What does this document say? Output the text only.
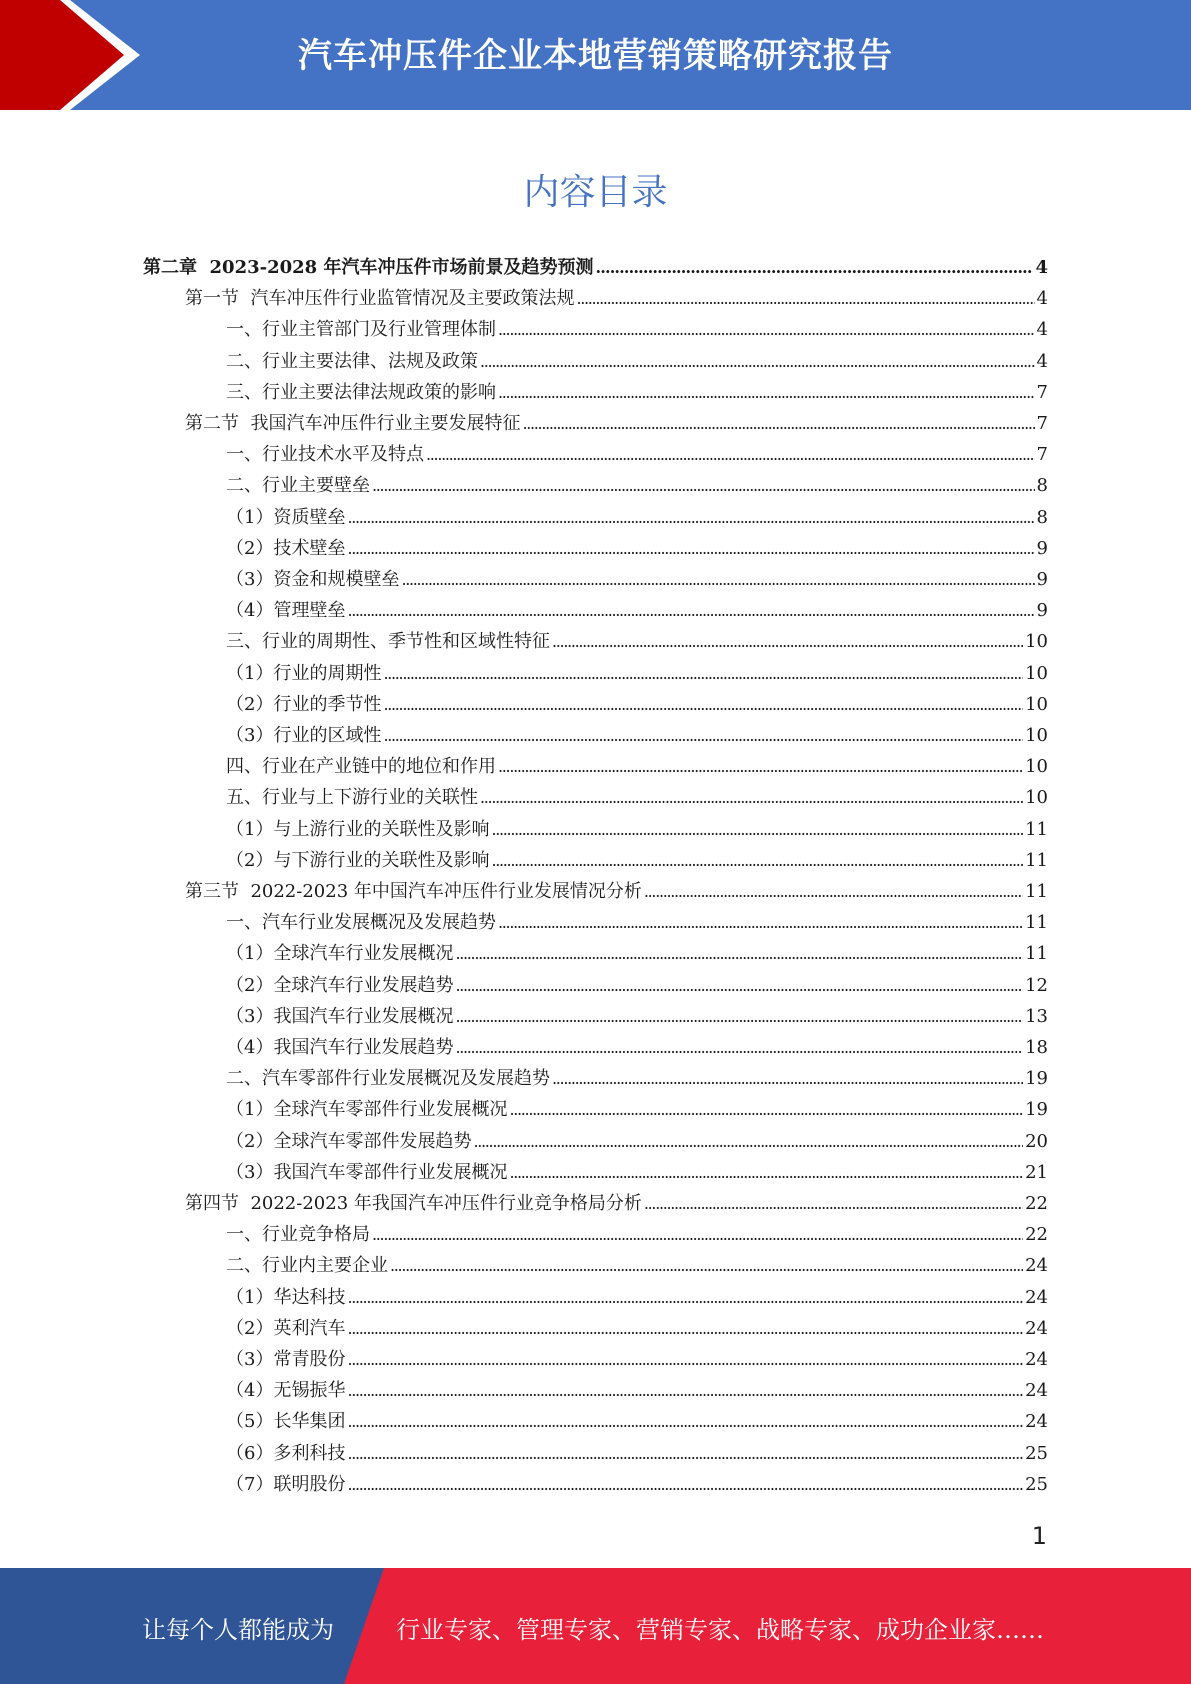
汽车冲压件企业本地营销策略研究报告
内容目录
第二章  2023-2028 年汽车冲压件市场前景及趋势预测 . . .	4
第一节  汽车冲压件行业监管情况及主要政策法规 . . .	4
一、行业主管部门及行业管理体制 . . .	4
二、行业主要法律、法规及政策 . . .	4
三、行业主要法律法规政策的影响 . . .	7
第二节  我国汽车冲压件行业主要发展特征 . . .	7
一、行业技术水平及特点 . . .	7
二、行业主要壁垒 . . .	8
（1）资质壁垒 . . .	8
（2）技术壁垒 . . .	9
（3）资金和规模壁垒 . . .	9
（4）管理壁垒 . . .	9
三、行业的周期性、季节性和区域性特征 . . .	10
（1）行业的周期性 . . .	10
（2）行业的季节性 . . .	10
（3）行业的区域性 . . .	10
四、行业在产业链中的地位和作用 . . .	10
五、行业与上下游行业的关联性 . . .	10
（1）与上游行业的关联性及影响 . . .	11
（2）与下游行业的关联性及影响 . . .	11
第三节  2022-2023 年中国汽车冲压件行业发展情况分析 . . .	11
一、汽车行业发展概况及发展趋势 . . .	11
（1）全球汽车行业发展概况 . . .	11
（2）全球汽车行业发展趋势 . . .	12
（3）我国汽车行业发展概况 . . .	13
（4）我国汽车行业发展趋势 . . .	18
二、汽车零部件行业发展概况及发展趋势 . . .	19
（1）全球汽车零部件行业发展概况 . . .	19
（2）全球汽车零部件发展趋势 . . .	20
（3）我国汽车零部件行业发展概况 . . .	21
第四节  2022-2023 年我国汽车冲压件行业竞争格局分析 . . .	22
一、行业竞争格局 . . .	22
二、行业内主要企业 . . .	24
（1）华达科技 . . .	24
（2）英利汽车 . . .	24
（3）常青股份 . . .	24
（4）无锡振华 . . .	24
（5）长华集团 . . .	24
（6）多利科技 . . .	25
（7）联明股份 . . .	25
1
让每个人都能成为	行业专家、管理专家、营销专家、战略专家、成功企业家……
